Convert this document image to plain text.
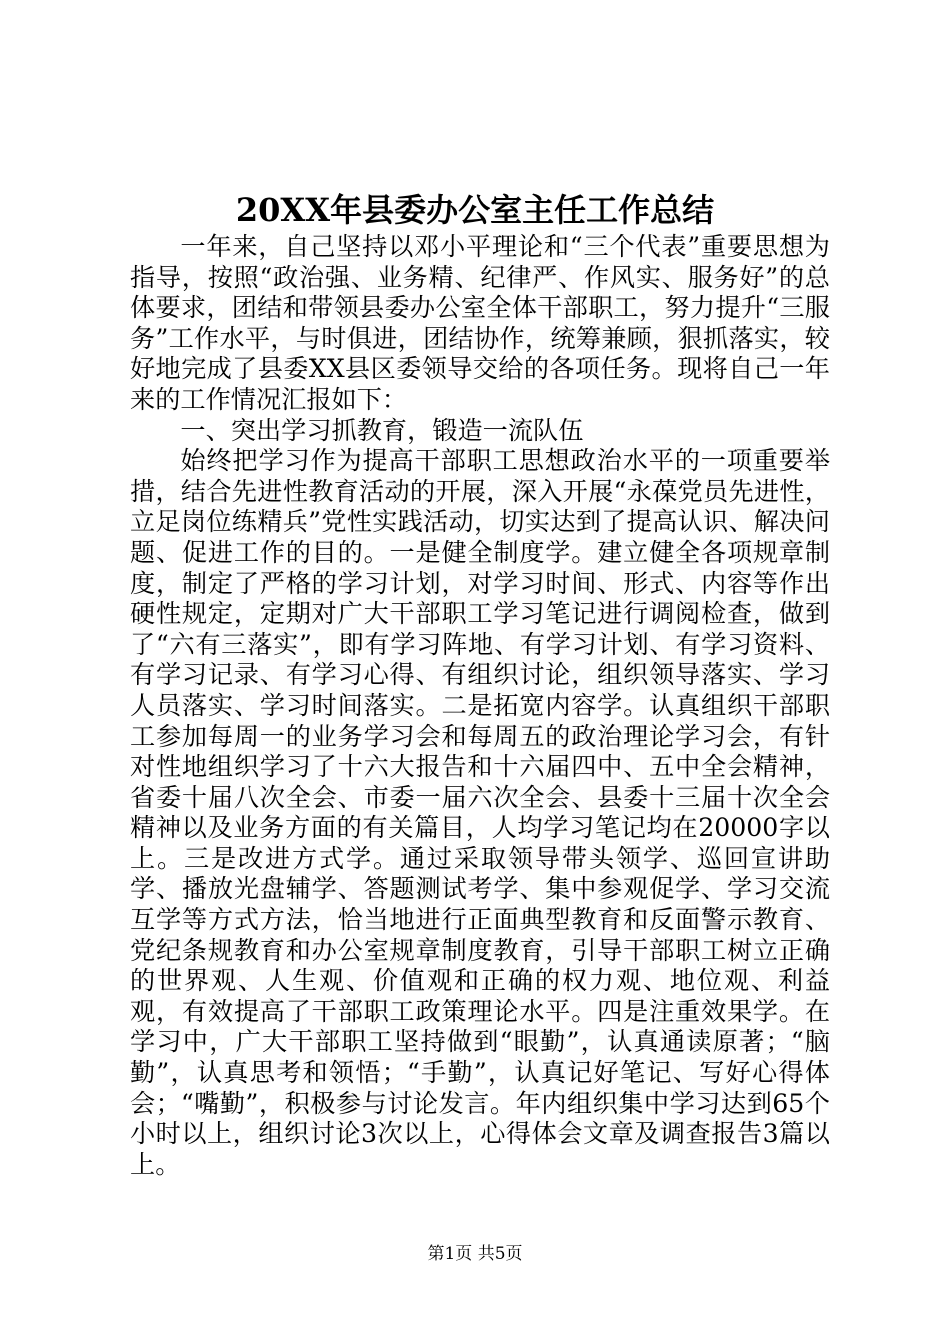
20XX年县委办公室主任工作总结

一年来，自己坚持以邓小平理论和“三个代表”重要思想为指导，按照“政治强、业务精、纪律严、作风实、服务好”的总体要求，团结和带领县委办公室全体干部职工，努力提升“三服务”工作水平，与时俱进，团结协作，统筹兼顾，狠抓落实，较好地完成了县委XX县区委领导交给的各项任务。现将自己一年来的工作情况汇报如下：

一、突出学习抓教育，锻造一流队伍

始终把学习作为提高干部职工思想政治水平的一项重要举措，结合先进性教育活动的开展，深入开展“永葆党员先进性，立足岗位练精兵”党性实践活动，切实达到了提高认识、解决问题、促进工作的目的。一是健全制度学。建立健全各项规章制度，制定了严格的学习计划，对学习时间、形式、内容等作出硬性规定，定期对广大干部职工学习笔记进行调阅检查，做到了“六有三落实”，即有学习阵地、有学习计划、有学习资料、有学习记录、有学习心得、有组织讨论，组织领导落实、学习人员落实、学习时间落实。二是拓宽内容学。认真组织干部职工参加每周一的业务学习会和每周五的政治理论学习会，有针对性地组织学习了十六大报告和十六届四中、五中全会精神，省委十届八次全会、市委一届六次全会、县委十三届十次全会精神以及业务方面的有关篇目，人均学习笔记均在20000字以上。三是改进方式学。通过采取领导带头领学、巡回宣讲助学、播放光盘辅学、答题测试考学、集中参观促学、学习交流互学等方式方法，恰当地进行正面典型教育和反面警示教育、党纪条规教育和办公室规章制度教育，引导干部职工树立正确的世界观、人生观、价值观和正确的权力观、地位观、利益观，有效提高了干部职工政策理论水平。四是注重效果学。在学习中，广大干部职工坚持做到“眼勤”，认真通读原著；“脑勤”，认真思考和领悟；“手勤”，认真记好笔记、写好心得体会；“嘴勤”，积极参与讨论发言。年内组织集中学习达到65个小时以上，组织讨论3次以上，心得体会文章及调查报告3篇以上。

第1页 共5页
